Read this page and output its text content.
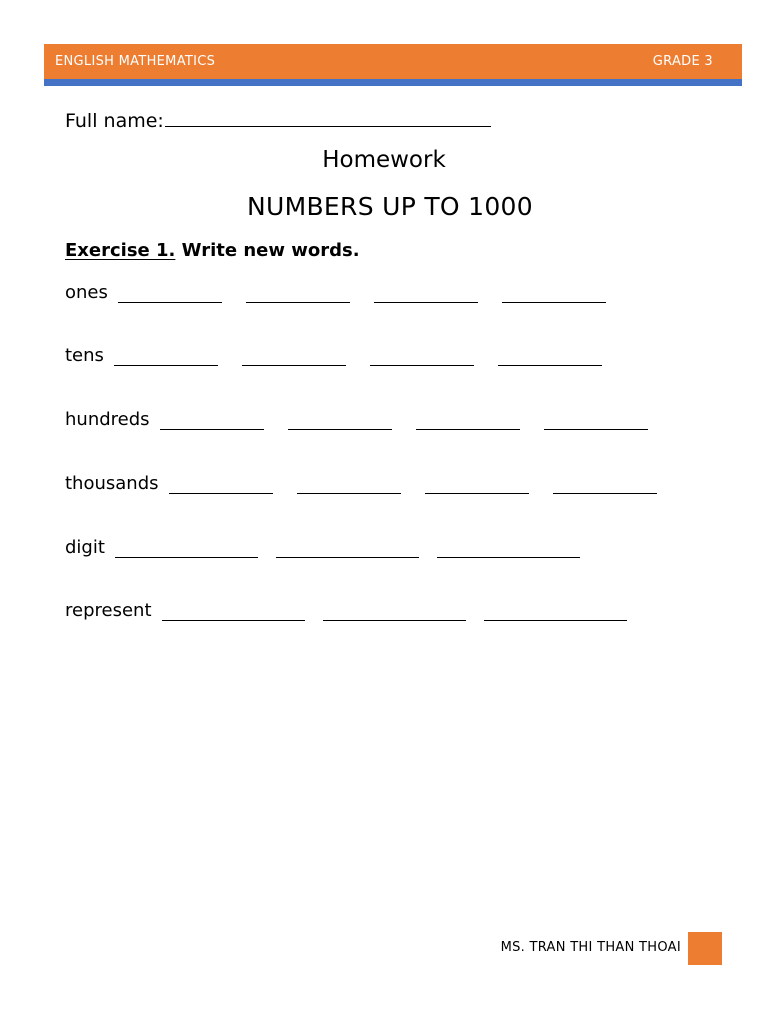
ENGLISH MATHEMATICS	GRADE 3
Full name:
Homework
NUMBERS UP TO 1000
Exercise 1. Write new words.
ones
tens
hundreds
thousands
digit
represent
MS. TRAN THI THAN THOAI
